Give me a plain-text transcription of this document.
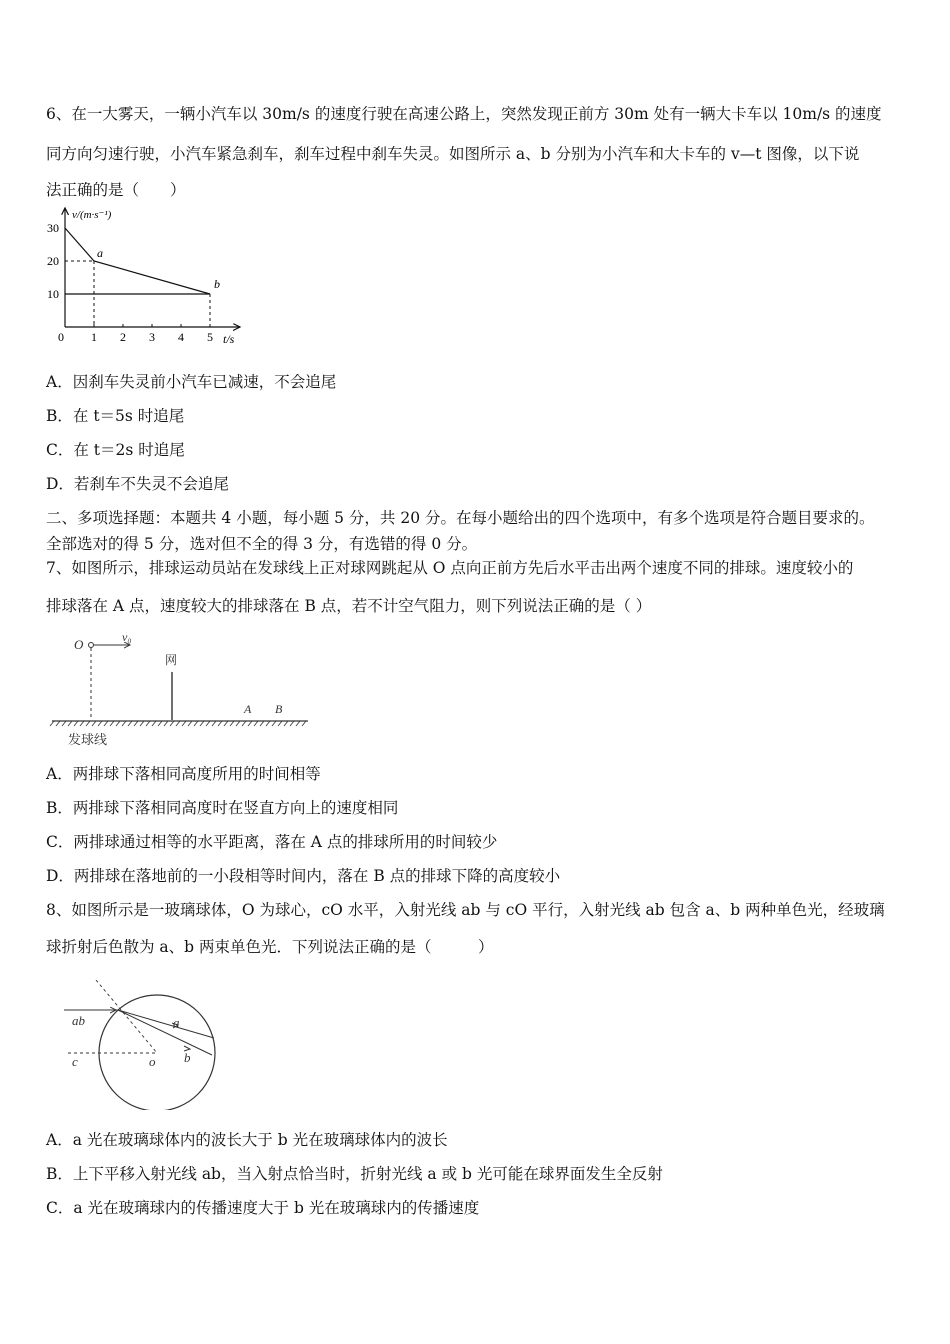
6、在一大雾天，一辆小汽车以 30m/s 的速度行驶在高速公路上，突然发现正前方 30m 处有一辆大卡车以 10m/s 的速度
同方向匀速行驶，小汽车紧急刹车，刹车过程中刹车失灵。如图所示 a、b 分别为小汽车和大卡车的 v—t 图像，以下说
法正确的是（　　）
v/(m·s⁻¹)
t/s
30
20
10
0 1 2 3 4 5
a
b
A．因刹车失灵前小汽车已减速，不会追尾
B．在 t＝5s 时追尾
C．在 t＝2s 时追尾
D．若刹车不失灵不会追尾
二、多项选择题：本题共 4 小题，每小题 5 分，共 20 分。在每小题给出的四个选项中，有多个选项是符合题目要求的。
全部选对的得 5 分，选对但不全的得 3 分，有选错的得 0 分。
7、如图所示，排球运动员站在发球线上正对球网跳起从 O 点向正前方先后水平击出两个速度不同的排球。速度较小的
排球落在 A 点，速度较大的排球落在 B 点，若不计空气阻力，则下列说法正确的是（ ）
O	v₀
网
A B
发球线
A．两排球下落相同高度所用的时间相等
B．两排球下落相同高度时在竖直方向上的速度相同
C．两排球通过相等的水平距离，落在 A 点的排球所用的时间较少
D．两排球在落地前的一小段相等时间内，落在 B 点的排球下降的高度较小
8、如图所示是一玻璃球体，O 为球心，cO 水平，入射光线 ab 与 cO 平行，入射光线 ab 包含 a、b 两种单色光，经玻璃
球折射后色散为 a、b 两束单色光．下列说法正确的是（　　　）
ab
c	o
a
b
A．a 光在玻璃球体内的波长大于 b 光在玻璃球体内的波长
B．上下平移入射光线 ab，当入射点恰当时，折射光线 a 或 b 光可能在球界面发生全反射
C．a 光在玻璃球内的传播速度大于 b 光在玻璃球内的传播速度
